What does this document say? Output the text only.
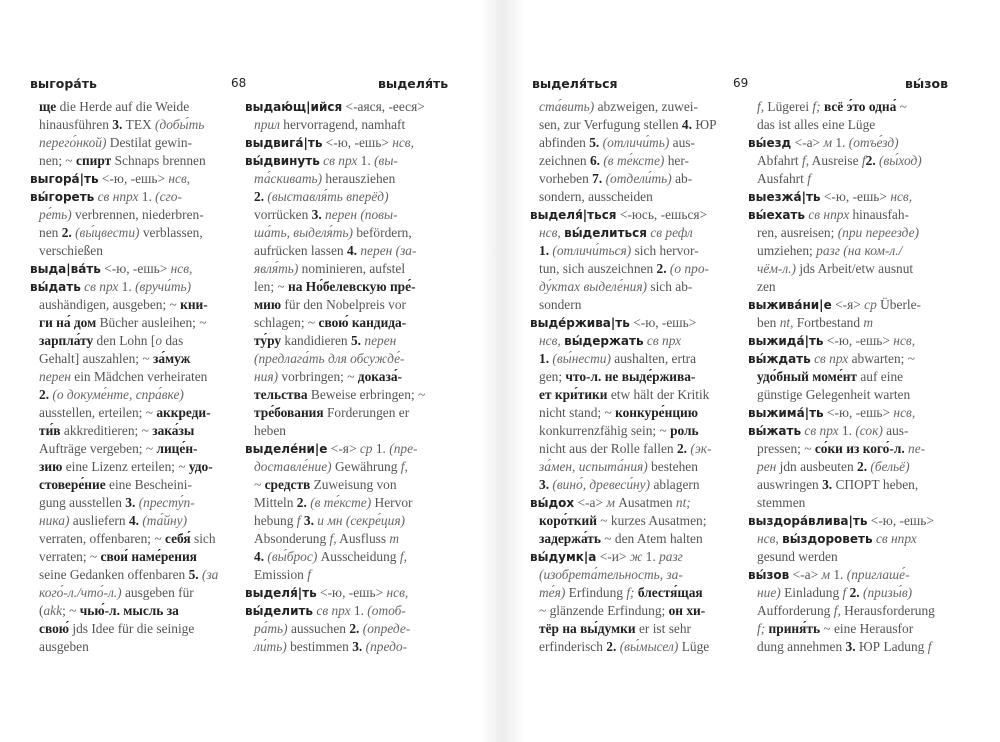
выгора́ть	68	выделя́ть
ще die Herde auf die Weide
hinausführen 3. ТЕХ (добы́ть
перего́нкой) Destilat gewin-
nen; ~ спирт Schnaps brennen
выгора́|ть <-ю, -ешь> нсв,
вы́гореть св нпрх 1. (сго-
ре́ть) verbrennen, niederbren-
nen 2. (вы́цвести) verblassen,
verschießen
выда|ва́ть <-ю, -ешь> нсв,
вы́дать св прх 1. (вручи́ть)
aushändigen, ausgeben; ~ кни-
ги на́ дом Bücher ausleihen; ~
зарпла́ту den Lohn [o das
Gehalt] auszahlen; ~ за́муж
перен ein Mädchen verheiraten
2. (о докуме́нте, спра́вке)
ausstellen, erteilen; ~ аккреди-
ти́в akkreditieren; ~ зака́зы
Aufträge vergeben; ~ лице́н-
зию eine Lizenz erteilen; ~ удо-
стовере́ние eine Bescheini-
gung ausstellen 3. (престу́п-
ника) ausliefern 4. (та́йну)
verraten, offenbaren; ~ себя́ sich
verraten; ~ свои́ наме́рения
seine Gedanken offenbaren 5. (за
кого́-л./что́-л.) ausgeben für
(akk; ~ чью́-л. мысль за
свою́ jds Idee für die seinige
ausgeben
выдаю́щ|ийся <-аяся, -ееся>
прил hervorragend, namhaft
выдвига́|ть <-ю, -ешь> нсв,
вы́двинуть св прх 1. (вы-
та́скивать) herausziehen
2. (выставля́ть вперёд)
vorrücken 3. перен (повы-
ша́ть, выделя́ть) befördern,
aufrücken lassen 4. перен (за-
явля́ть) nominieren, aufstel
len; ~ на Но́белевскую пре́-
мию für den Nobelpreis vor
schlagen; ~ свою́ кандида-
ту́ру kandidieren 5. перен
(предлага́ть для обсужде́-
ния) vorbringen; ~ доказа́-
тельства Beweise erbringen; ~
тре́бования Forderungen er
heben
выделе́ни|е <-я> ср 1. (пре-
доставле́ние) Gewährung f,
~ средств Zuweisung von
Mitteln 2. (в те́ксте) Hervor
hebung f 3. и мн (секре́ция)
Absonderung f, Ausfluss m
4. (вы́брос) Ausscheidung f,
Emission f
выделя́|ть <-ю, -ешь> нсв,
вы́делить св прх 1. (отоб-
ра́ть) aussuchen 2. (опреде-
ли́ть) bestimmen 3. (предо-
выделя́ться	69	вы́зов
ста́вить) abzweigen, zuwei-
sen, zur Verfugung stellen 4. ЮР
abfinden 5. (отличи́ть) aus-
zeichnen 6. (в те́ксте) her-
vorheben 7. (отдели́ть) ab-
sondern, ausscheiden
выделя́|ться <-юсь, -ешься>
нсв, вы́делиться св рефл
1. (отличи́ться) sich hervor-
tun, sich auszeichnen 2. (о про-
ду́ктах выделе́ния) sich ab-
sondern
выде́ржива|ть <-ю, -ешь>
нсв, вы́держать св прх
1. (вы́нести) aushalten, ertra
gen; что-л. не выде́ржива-
ет кри́тики etw hält der Kritik
nicht stand; ~ конкуре́нцию
konkurrenzfähig sein; ~ роль
nicht aus der Rolle fallen 2. (эк-
за́мен, испыта́ния) bestehen
3. (вино́, древеси́ну) ablagern
вы́дох <-а> м Ausatmen nt;
коро́ткий ~ kurzes Ausatmen;
задержа́ть ~ den Atem halten
вы́думк|а <-и> ж 1. разг
(изобрета́тельность, за-
те́я) Erfindung f; блестя́щая
~ glänzende Erfindung; он хи-
тёр на вы́думки er ist sehr
erfinderisch 2. (вы́мысел) Lüge
f, Lügerei f; всё э́то одна́ ~
das ist alles eine Lüge
вы́езд <-а> м 1. (отъе́зд)
Abfahrt f, Ausreise f2. (вы́ход)
Ausfahrt f
выезжа́|ть <-ю, -ешь> нсв,
вы́ехать св нпрх hinausfah-
ren, ausreisen; (при переезде)
umziehen; разг (на ком-л./
чём-л.) jds Arbeit/etw ausnut
zen
выжива́ни|е <-я> ср Überle-
ben nt, Fortbestand m
выжида́|ть <-ю, -ешь> нсв,
вы́ждать св прх abwarten; ~
удо́бный моме́нт auf eine
günstige Gelegenheit warten
выжима́|ть <-ю, -ешь> нсв,
вы́жать св прх 1. (сок) aus-
pressen; ~ со́ки из кого́-л. пе-
рен jdn ausbeuten 2. (бельё)
auswringen 3. СПОРТ heben,
stemmen
выздора́влива|ть <-ю, -ешь>
нсв, вы́здороветь св нпрх
gesund werden
вы́зов <-а> м 1. (приглаше́-
ние) Einladung f 2. (призы́в)
Aufforderung f, Herausforderung
f; приня́ть ~ eine Herausfor
dung annehmen 3. ЮР Ladung f
